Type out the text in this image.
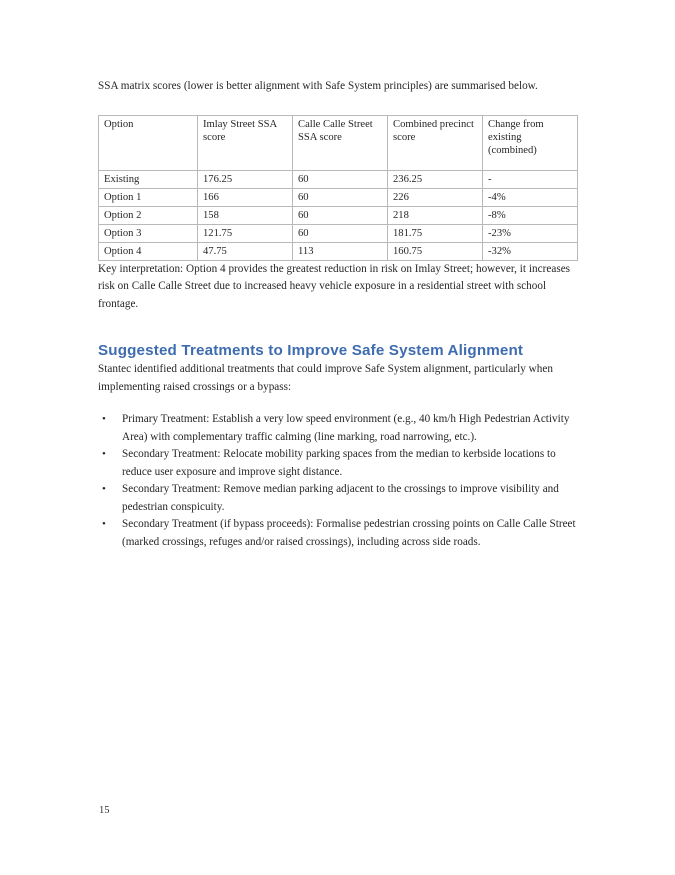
SSA matrix scores (lower is better alignment with Safe System principles) are summarised below.

Option	Imlay Street SSA score	Calle Calle Street SSA score	Combined precinct score	Change from existing (combined)
Existing	176.25	60	236.25	-
Option 1	166	60	226	-4%
Option 2	158	60	218	-8%
Option 3	121.75	60	181.75	-23%
Option 4	47.75	113	160.75	-32%

Key interpretation: Option 4 provides the greatest reduction in risk on Imlay Street; however, it increases risk on Calle Calle Street due to increased heavy vehicle exposure in a residential street with school frontage.

Suggested Treatments to Improve Safe System Alignment

Stantec identified additional treatments that could improve Safe System alignment, particularly when implementing raised crossings or a bypass:

• Primary Treatment: Establish a very low speed environment (e.g., 40 km/h High Pedestrian Activity Area) with complementary traffic calming (line marking, road narrowing, etc.).
• Secondary Treatment: Relocate mobility parking spaces from the median to kerbside locations to reduce user exposure and improve sight distance.
• Secondary Treatment: Remove median parking adjacent to the crossings to improve visibility and pedestrian conspicuity.
• Secondary Treatment (if bypass proceeds): Formalise pedestrian crossing points on Calle Calle Street (marked crossings, refuges and/or raised crossings), including across side roads.
15
